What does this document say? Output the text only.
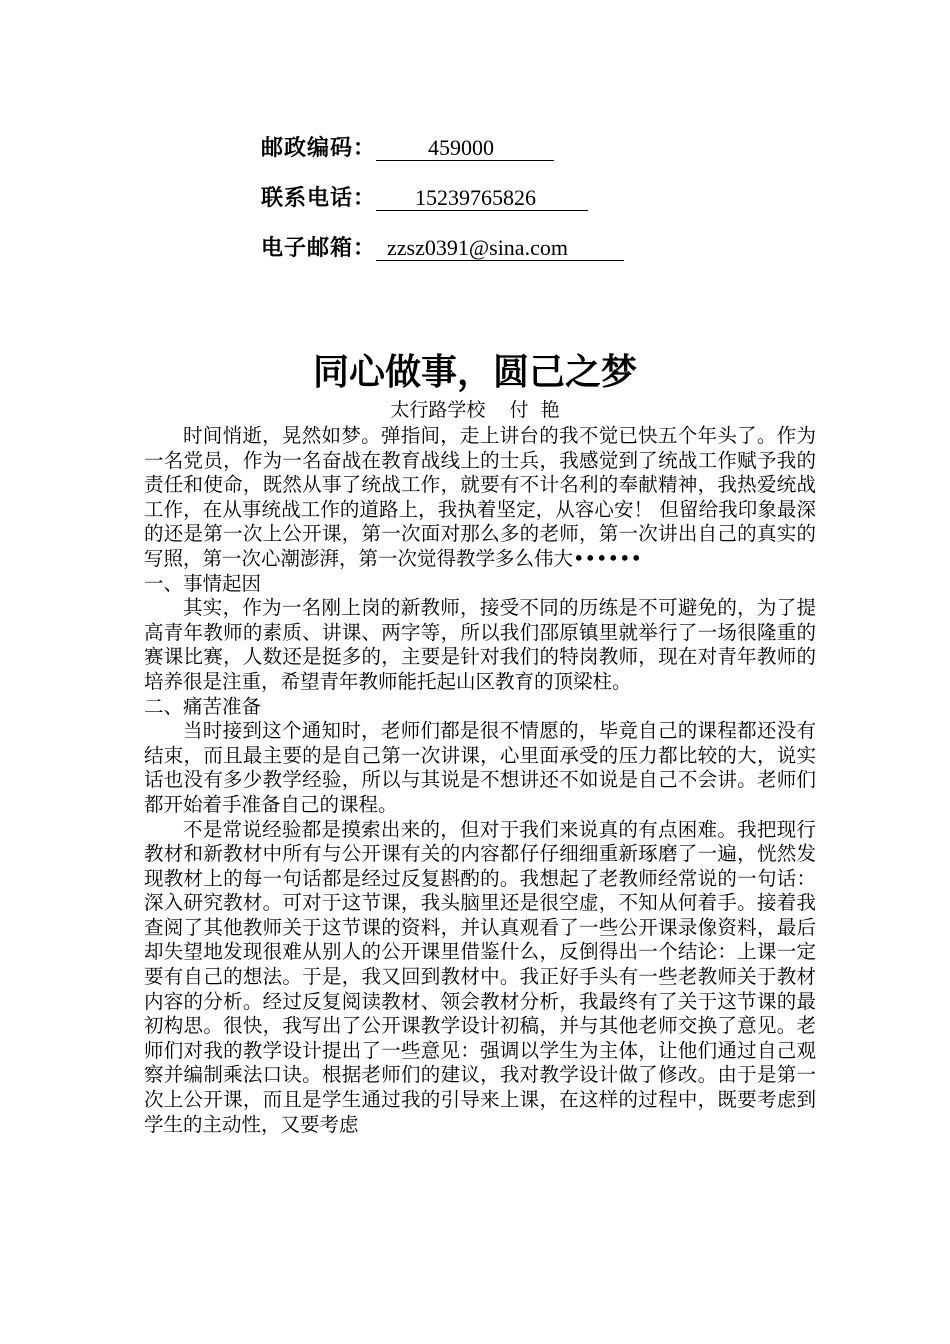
邮政编码： 459000
联系电话： 15239765826
电子邮箱： zzsz0391@sina.com
同心做事，圆己之梦
太行路学校    付  艳

时间悄逝，晃然如梦。弹指间，走上讲台的我不觉已快五个年头了。作为一名党员，作为一名奋战在教育战线上的士兵，我感觉到了统战工作赋予我的责任和使命，既然从事了统战工作，就要有不计名利的奉献精神，我热爱统战工作，在从事统战工作的道路上，我执着坚定，从容心安！ 但留给我印象最深的还是第一次上公开课，第一次面对那么多的老师，第一次讲出自己的真实的写照，第一次心潮澎湃，第一次觉得教学多么伟大••••••

一、事情起因

其实，作为一名刚上岗的新教师，接受不同的历练是不可避免的，为了提高青年教师的素质、讲课、两字等，所以我们邵原镇里就举行了一场很隆重的赛课比赛，人数还是挺多的，主要是针对我们的特岗教师，现在对青年教师的培养很是注重，希望青年教师能托起山区教育的顶梁柱。

二、痛苦准备

当时接到这个通知时，老师们都是很不情愿的，毕竟自己的课程都还没有结束，而且最主要的是自己第一次讲课，心里面承受的压力都比较的大，说实话也没有多少教学经验，所以与其说是不想讲还不如说是自己不会讲。老师们都开始着手准备自己的课程。

不是常说经验都是摸索出来的，但对于我们来说真的有点困难。我把现行教材和新教材中所有与公开课有关的内容都仔仔细细重新琢磨了一遍，恍然发现教材上的每一句话都是经过反复斟酌的。我想起了老教师经常说的一句话：深入研究教材。可对于这节课，我头脑里还是很空虚，不知从何着手。接着我查阅了其他教师关于这节课的资料，并认真观看了一些公开课录像资料，最后却失望地发现很难从别人的公开课里借鉴什么，反倒得出一个结论：上课一定要有自己的想法。于是，我又回到教材中。我正好手头有一些老教师关于教材内容的分析。经过反复阅读教材、领会教材分析，我最终有了关于这节课的最初构思。很快，我写出了公开课教学设计初稿，并与其他老师交换了意见。老师们对我的教学设计提出了一些意见：强调以学生为主体，让他们通过自己观察并编制乘法口诀。根据老师们的建议，我对教学设计做了修改。由于是第一次上公开课，而且是学生通过我的引导来上课，在这样的过程中，既要考虑到学生的主动性，又要考虑
